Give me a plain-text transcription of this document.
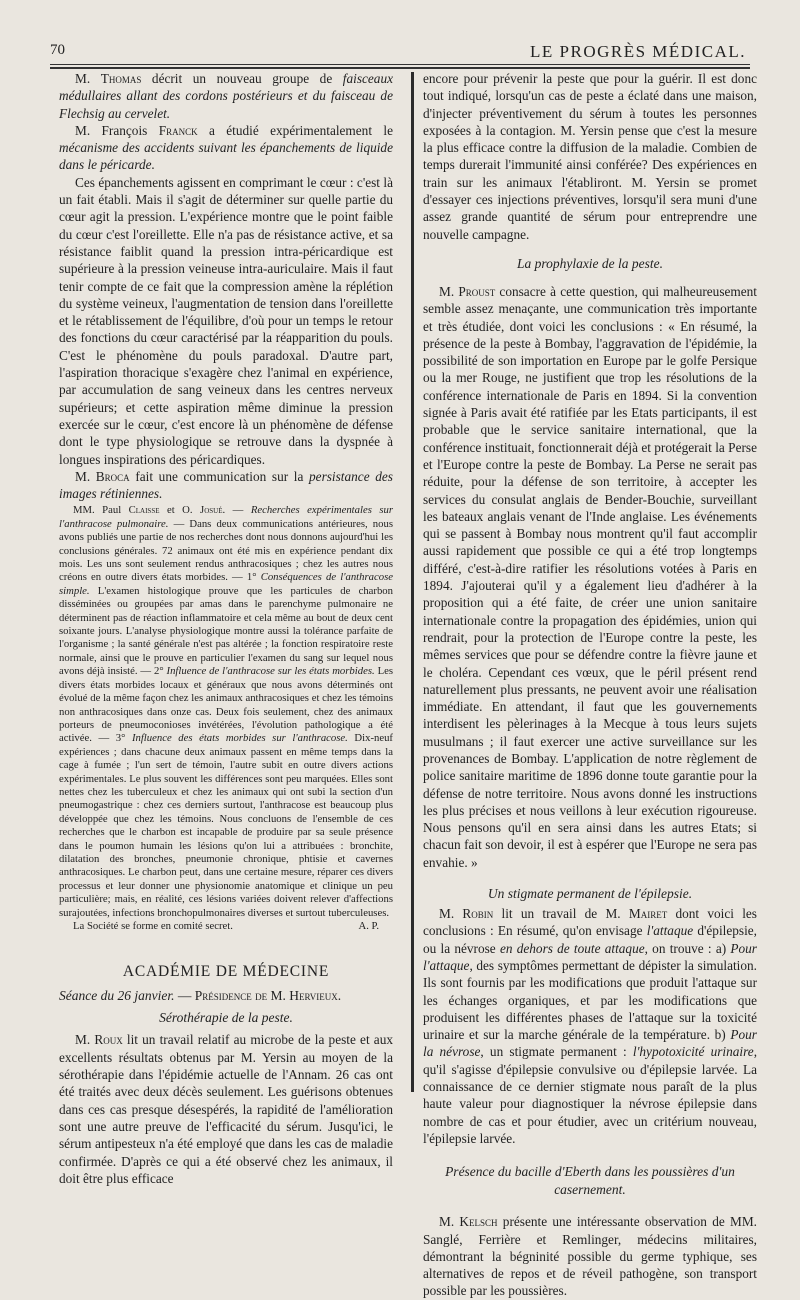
70	LE PROGRÈS MÉDICAL.

M. Thomas décrit un nouveau groupe de faisceaux médullaires allant des cordons postérieurs et du faisceau de Flechsig au cervelet.

M. François Franck a étudié expérimentalement le mécanisme des accidents suivant les épanchements de liquide dans le péricarde.

Ces épanchements agissent en comprimant le cœur : c'est là un fait établi. Mais il s'agit de déterminer sur quelle partie du cœur agit la pression. L'expérience montre que le point faible du cœur c'est l'oreillette. Elle n'a pas de résistance active, et sa résistance faiblit quand la pression intra-péricardique est supérieure à la pression veineuse intra-auriculaire. Mais il faut tenir compte de ce fait que la compression amène la réplétion du système veineux, l'augmentation de tension dans l'oreillette et le rétablissement de l'équilibre, d'où pour un temps le retour des fonctions du cœur caractérisé par la réapparition du pouls. C'est le phénomène du pouls paradoxal. D'autre part, l'aspiration thoracique s'exagère chez l'animal en expérience, par accumulation de sang veineux dans les centres nerveux supérieurs; et cette aspiration même diminue la pression exercée sur le cœur, c'est encore là un phénomène de défense dont le type physiologique se retrouve dans la dyspnée à longues inspirations des péricardiques.

M. Broca fait une communication sur la persistance des images rétiniennes.

MM. Paul Claisse et O. Josué. — Recherches expérimentales sur l'anthracose pulmonaire. — Dans deux communications antérieures, nous avons publiés une partie de nos recherches dont nous donnons aujourd'hui les conclusions générales. 72 animaux ont été mis en expérience pendant dix mois. Les uns sont seulement rendus anthracosiques ; chez les autres nous créons en outre divers états morbides. — 1° Conséquences de l'anthracose simple. L'examen histologique prouve que les particules de charbon disséminées ou groupées par amas dans le parenchyme pulmonaire ne déterminent pas de réaction inflammatoire et cela même au bout de deux cent soixante jours. L'analyse physiologique montre aussi la tolérance parfaite de l'organisme ; la santé générale n'est pas altérée ; la fonction respiratoire reste normale, ainsi que le prouve en particulier l'examen du sang sur lequel nous avons déjà insisté. — 2° Influence de l'anthracose sur les états morbides. Les divers états morbides locaux et généraux que nous avons déterminés ont évolué de la même façon chez les animaux anthracosiques et chez les témoins non anthracosiques dans onze cas. Deux fois seulement, chez des animaux porteurs de pneumoconioses invétérées, l'évolution pathologique a été activée. — 3° Influence des états morbides sur l'anthracose. Dix-neuf expériences ; dans chacune deux animaux passent en même temps dans la cage à fumée ; l'un sert de témoin, l'autre subit en outre divers actions expérimentales. Le plus souvent les différences sont peu marquées. Elles sont nettes chez les tuberculeux et chez les animaux qui ont subi la section d'un pneumogastrique : chez ces derniers surtout, l'anthracose est beaucoup plus développée que chez les témoins. Nous concluons de l'ensemble de ces recherches que le charbon est incapable de produire par sa seule présence dans le poumon humain les lésions qu'on lui a attribuées : bronchite, dilatation des bronches, pneumonie chronique, phtisie et cavernes anthracosiques. Le charbon peut, dans une certaine mesure, réparer ces divers processus et leur donner une physionomie anatomique et clinique un peu particulière; mais, en réalité, ces lésions variées doivent relever d'affections surajoutées, infections bronchopulmonaires diverses et surtout tuberculeuses.

La Société se forme en comité secret.	A. P.
ACADÉMIE DE MÉDECINE

Séance du 26 janvier. — Présidence de M. Hervieux.

Sérothérapie de la peste.

M. Roux lit un travail relatif au microbe de la peste et aux excellents résultats obtenus par M. Yersin au moyen de la sérothérapie dans l'épidémie actuelle de l'Annam. 26 cas ont été traités avec deux décès seulement. Les guérisons obtenues dans ces cas presque désespérés, la rapidité de l'amélioration sont une autre preuve de l'efficacité du sérum. Jusqu'ici, le sérum antipesteux n'a été employé que dans les cas de maladie confirmée. D'après ce qui a été observé chez les animaux, il doit être plus efficace

encore pour prévenir la peste que pour la guérir. Il est donc tout indiqué, lorsqu'un cas de peste a éclaté dans une maison, d'injecter préventivement du sérum à toutes les personnes exposées à la contagion. M. Yersin pense que c'est la mesure la plus efficace contre la diffusion de la maladie. Combien de temps durerait l'immunité ainsi conférée? Des expériences en train sur les animaux l'établiront. M. Yersin se promet d'essayer ces injections préventives, lorsqu'il sera muni d'une assez grande quantité de sérum pour entreprendre une nouvelle campagne.

La prophylaxie de la peste.

M. Proust consacre à cette question, qui malheureusement semble assez menaçante, une communication très importante et très étudiée, dont voici les conclusions : « En résumé, la présence de la peste à Bombay, l'aggravation de l'épidémie, la possibilité de son importation en Europe par le golfe Persique ou la mer Rouge, ne justifient que trop les résolutions de la conférence internationale de Paris en 1894. Si la convention signée à Paris avait été ratifiée par les Etats participants, il est probable que le service sanitaire international, que la conférence instituait, fonctionnerait déjà et protégerait la Perse et l'Europe contre la peste de Bombay. La Perse ne serait pas réduite, pour la défense de son territoire, à accepter les services du consulat anglais de Bender-Bouchie, surveillant les bateaux anglais venant de l'Inde anglaise. Les événements qui se passent à Bombay nous montrent qu'il faut accomplir aussi rapidement que possible ce qui a été trop longtemps différé, c'est-à-dire ratifier les résolutions votées à Paris en 1894. J'ajouterai qu'il y a également lieu d'adhérer à la proposition qui a été faite, de créer une union sanitaire internationale contre la propagation des épidémies, union qui rendrait, pour la protection de l'Europe contre la peste, les mêmes services que pour se défendre contre la fièvre jaune et le choléra. Cependant ces vœux, que le péril présent rend naturellement plus pressants, ne peuvent avoir une réalisation immédiate. En attendant, il faut que les gouvernements interdisent les pèlerinages à la Mecque à tous leurs sujets musulmans ; il faut exercer une active surveillance sur les provenances de Bombay. L'application de notre règlement de police sanitaire maritime de 1896 donne toute garantie pour la défense de notre territoire. Nous avons donné les instructions les plus précises et nous veillons à leur exécution rigoureuse. Nous pensons qu'il en sera ainsi dans les autres Etats; si chacun fait son devoir, il est à espérer que l'Europe ne sera pas envahie. »

Un stigmate permanent de l'épilepsie.

M. Robin lit un travail de M. Mairet dont voici les conclusions : En résumé, qu'on envisage l'attaque d'épilepsie, ou la névrose en dehors de toute attaque, on trouve : a) Pour l'attaque, des symptômes permettant de dépister la simulation. Ils sont fournis par les modifications que produit l'attaque sur les échanges organiques, et par les modifications que produisent les différentes phases de l'attaque sur la toxicité urinaire et sur la marche générale de la température. b) Pour la névrose, un stigmate permanent : l'hypotoxicité urinaire, qu'il s'agisse d'épilepsie convulsive ou d'épilepsie larvée. La connaissance de ce dernier stigmate nous paraît de la plus haute valeur pour diagnostiquer la névrose épilepsie dans nombre de cas et pour étudier, avec un critérium nouveau, l'épilepsie larvée.

Présence du bacille d'Eberth dans les poussières d'un casernement.

M. Kelsch présente une intéressante observation de MM. Sanglé, Ferrière et Remlinger, médecins militaires, démontrant la bégninité possible du germe typhique, ses alternatives de repos et de réveil pathogène, son transport possible par les poussières.
